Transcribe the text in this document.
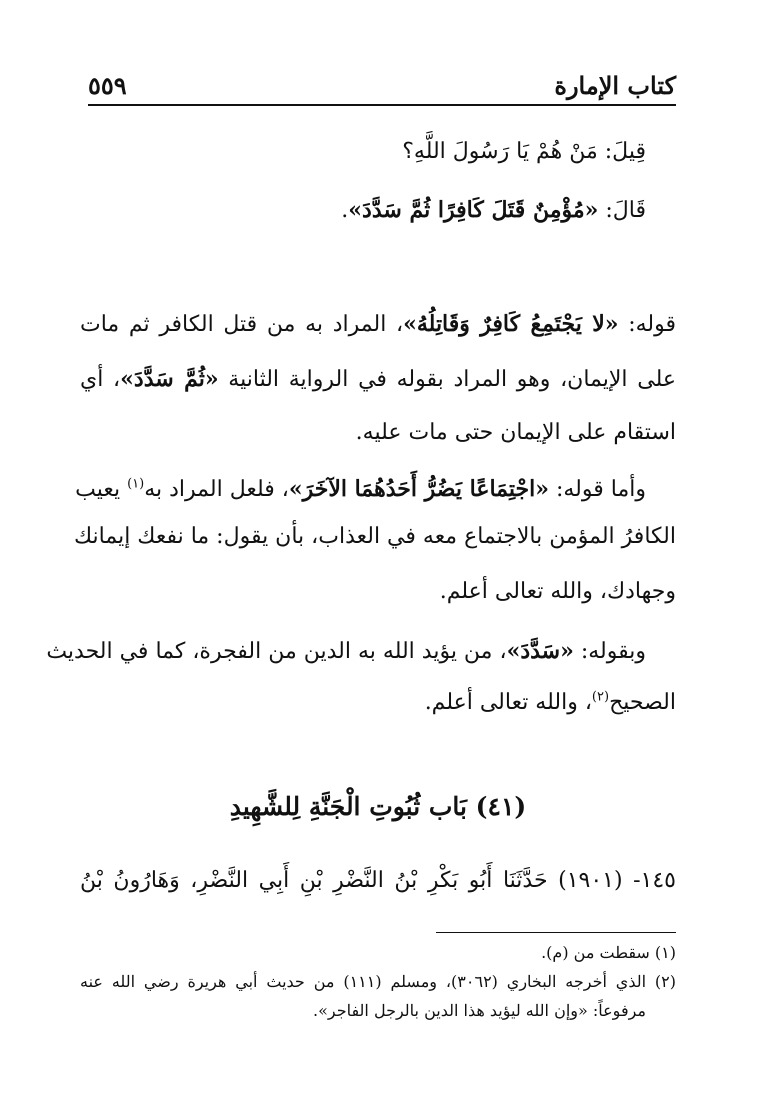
كتاب الإمارة
٥٥٩
قِيلَ: مَنْ هُمْ يَا رَسُولَ اللَّهِ؟
قَالَ: «مُؤْمِنٌ قَتَلَ كَافِرًا ثُمَّ سَدَّدَ».
قوله: «لا يَجْتَمِعُ كَافِرٌ وَقَاتِلُهُ»، المراد به من قتل الكافر ثم مات
على الإيمان، وهو المراد بقوله في الرواية الثانية «ثُمَّ سَدَّدَ»، أي
استقام على الإيمان حتى مات عليه.
وأما قوله: «اجْتِمَاعًا يَضُرُّ أَحَدُهُمَا الآخَرَ»، فلعل المراد به$^{(١)}$ يعيب
الكافرُ المؤمن بالاجتماع معه في العذاب، بأن يقول: ما نفعك إيمانك
وجهادك، والله تعالى أعلم.
وبقوله: «سَدَّدَ»، من يؤيد الله به الدين من الفجرة، كما في الحديث
الصحيح$^{(٢)}$، والله تعالى أعلم.
(٤١) بَاب ثُبُوتِ الْجَنَّةِ لِلشَّهِيدِ
١٤٥- (١٩٠١) حَدَّثَنَا أَبُو بَكْرِ بْنُ النَّضْرِ بْنِ أَبِي النَّضْرِ، وَهَارُونُ بْنُ
(١) سقطت من (م).
(٢) الذي أخرجه البخاري (٣٠٦٢)، ومسلم (١١١) من حديث أبي هريرة رضي الله عنه
مرفوعاً: «وإن الله ليؤيد هذا الدين بالرجل الفاجر».
